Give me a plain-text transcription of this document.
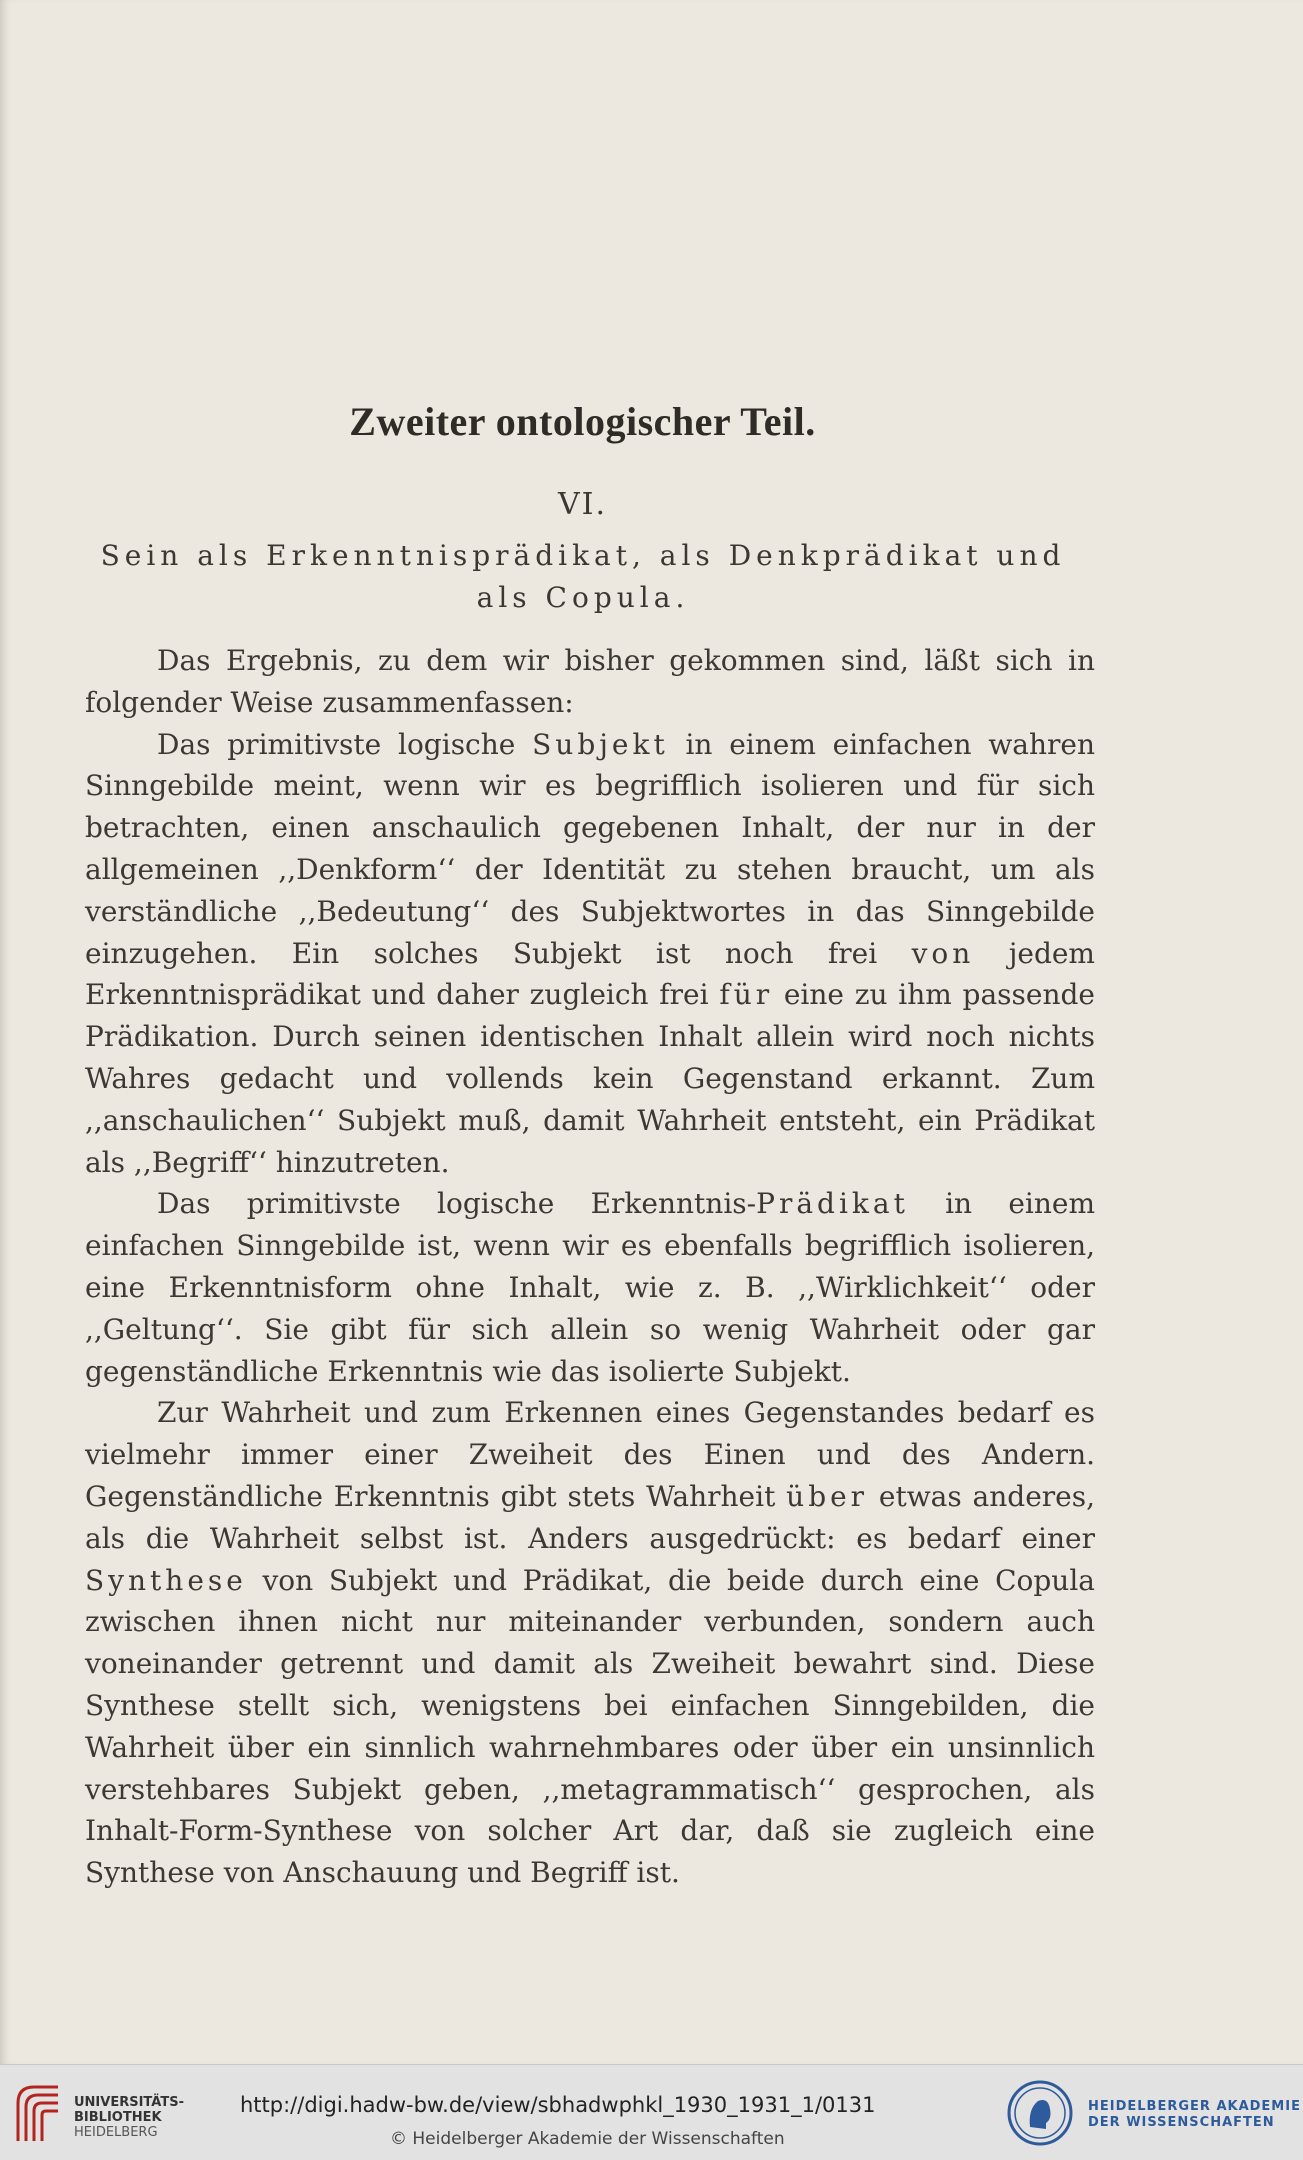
Zweiter ontologischer Teil.
VI.
Sein als Erkenntnisprädikat, als Denkprädikat und als Copula.

Das Ergebnis, zu dem wir bisher gekommen sind, läßt sich in folgender Weise zusammenfassen:

Das primitivste logische Subjekt in einem einfachen wahren Sinngebilde meint, wenn wir es begrifflich isolieren und für sich betrachten, einen anschaulich gegebenen Inhalt, der nur in der allgemeinen ,,Denkform‘‘ der Identität zu stehen braucht, um als verständliche ,,Bedeutung‘‘ des Subjektwortes in das Sinngebilde einzugehen. Ein solches Subjekt ist noch frei von jedem Erkenntnisprädikat und daher zugleich frei für eine zu ihm passende Prädikation. Durch seinen identischen Inhalt allein wird noch nichts Wahres gedacht und vollends kein Gegenstand erkannt. Zum ,,anschaulichen‘‘ Subjekt muß, damit Wahrheit entsteht, ein Prädikat als ,,Begriff‘‘ hinzutreten.

Das primitivste logische Erkenntnis-Prädikat in einem einfachen Sinngebilde ist, wenn wir es ebenfalls begrifflich isolieren, eine Erkenntnisform ohne Inhalt, wie z. B. ,,Wirklichkeit‘‘ oder ,,Geltung‘‘. Sie gibt für sich allein so wenig Wahrheit oder gar gegenständliche Erkenntnis wie das isolierte Subjekt.

Zur Wahrheit und zum Erkennen eines Gegenstandes bedarf es vielmehr immer einer Zweiheit des Einen und des Andern. Gegenständliche Erkenntnis gibt stets Wahrheit über etwas anderes, als die Wahrheit selbst ist. Anders ausgedrückt: es bedarf einer Synthese von Subjekt und Prädikat, die beide durch eine Copula zwischen ihnen nicht nur miteinander verbunden, sondern auch voneinander getrennt und damit als Zweiheit bewahrt sind. Diese Synthese stellt sich, wenigstens bei einfachen Sinngebilden, die Wahrheit über ein sinnlich wahrnehmbares oder über ein unsinnlich verstehbares Subjekt geben, ,,metagrammatisch‘‘ gesprochen, als Inhalt-Form-Synthese von solcher Art dar, daß sie zugleich eine Synthese von Anschauung und Begriff ist.

UNIVERSITÄTS-
BIBLIOTHEK
HEIDELBERG
http://digi.hadw-bw.de/view/sbhadwphkl_1930_1931_1/0131
© Heidelberger Akademie der Wissenschaften
HEIDELBERGER AKADEMIE
DER WISSENSCHAFTEN
